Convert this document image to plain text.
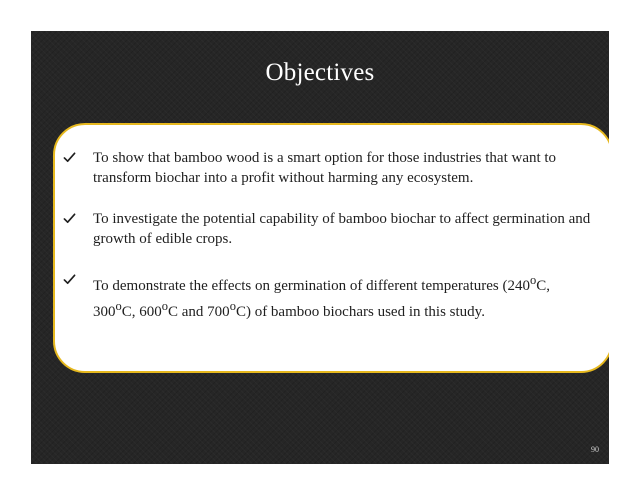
Objectives
To show that bamboo wood is a smart option for those industries that want to transform biochar into a profit without harming any ecosystem.
To investigate the potential capability of bamboo biochar to affect germination and growth of edible crops.
To demonstrate the effects on germination of different temperatures (240$^o$C, 300$^o$C, 600$^o$C and 700$^o$C) of bamboo biochars used in this study.
90
